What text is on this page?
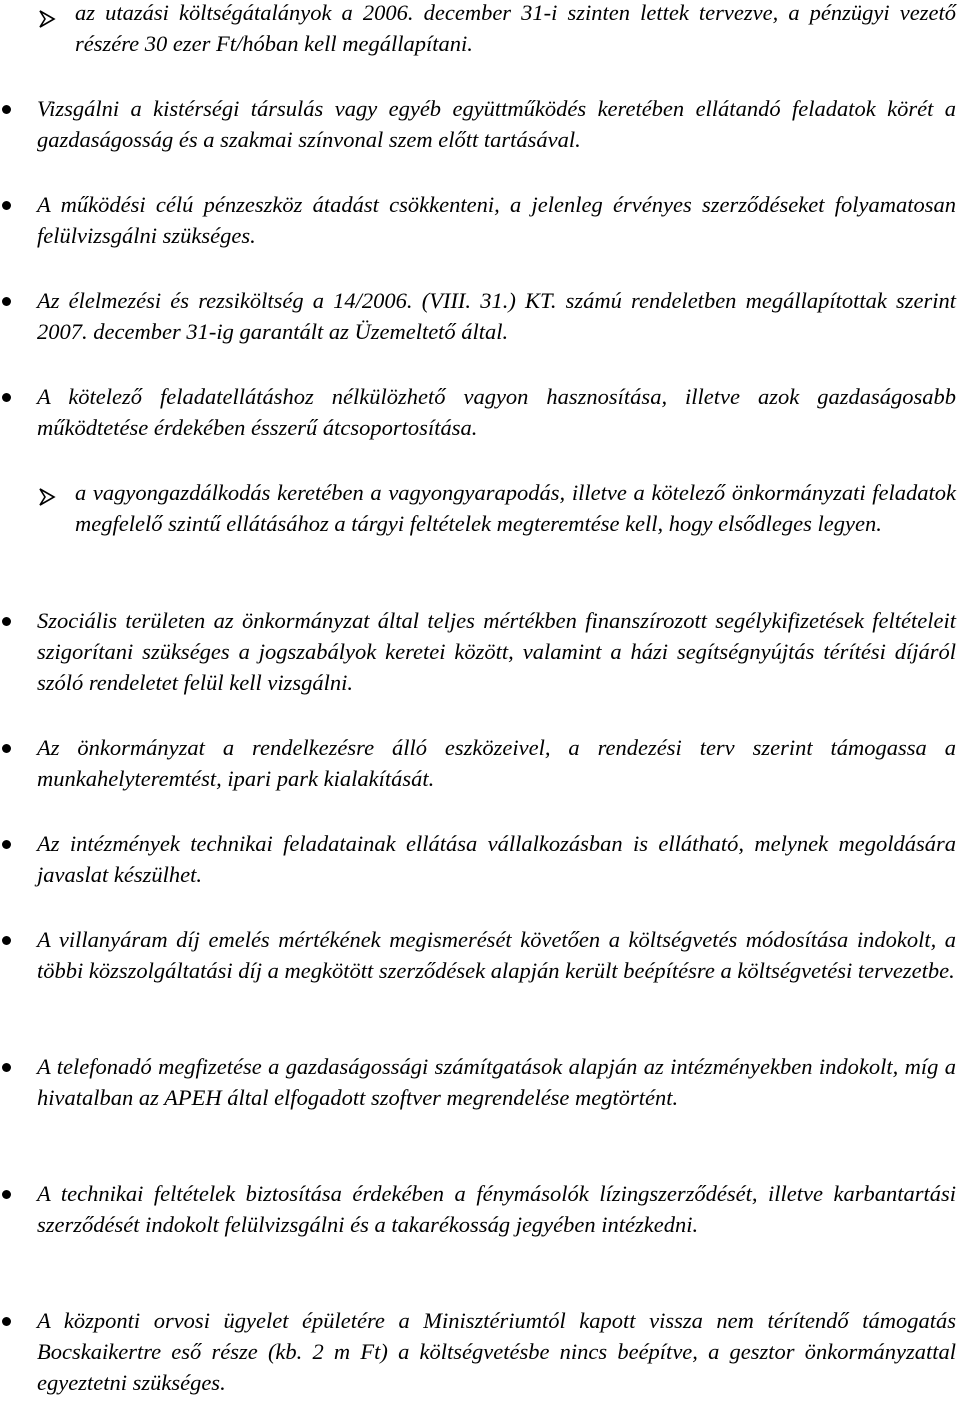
az utazási költségátalányok a 2006. december 31-i szinten lettek tervezve, a pénzügyi vezető részére 30 ezer Ft/hóban kell megállapítani.
Vizsgálni a kistérségi társulás vagy egyéb együttműködés keretében ellátandó feladatok körét a gazdaságosság és a szakmai színvonal szem előtt tartásával.
A működési célú pénzeszköz átadást csökkenteni, a jelenleg érvényes szerződéseket folyamatosan felülvizsgálni szükséges.
Az élelmezési és rezsiköltség a 14/2006. (VIII. 31.) KT. számú rendeletben megállapítottak szerint 2007. december 31-ig garantált az Üzemeltető által.
A kötelező feladatellátáshoz nélkülözhető vagyon hasznosítása, illetve azok gazdaságosabb működtetése érdekében ésszerű átcsoportosítása.
a vagyongazdálkodás keretében a vagyongyarapodás, illetve a kötelező önkormányzati feladatok megfelelő szintű ellátásához a tárgyi feltételek megteremtése kell, hogy elsődleges legyen.
Szociális területen az önkormányzat által teljes mértékben finanszírozott segélykifizetések feltételeit szigorítani szükséges a jogszabályok keretei között, valamint a házi segítségnyújtás térítési díjáról szóló rendeletet felül kell vizsgálni.
Az önkormányzat a rendelkezésre álló eszközeivel, a rendezési terv szerint támogassa a munkahelyteremtést, ipari park kialakítását.
Az intézmények technikai feladatainak ellátása vállalkozásban is ellátható, melynek megoldására javaslat készülhet.
A villanyáram díj emelés mértékének megismerését követően a költségvetés módosítása indokolt, a többi közszolgáltatási díj a megkötött szerződések alapján került beépítésre a költségvetési tervezetbe.
A telefonadó megfizetése a gazdaságossági számítgatások alapján az intézményekben indokolt, míg a hivatalban az APEH által elfogadott szoftver megrendelése megtörtént.
A technikai feltételek biztosítása érdekében a fénymásolók lízingszerződését, illetve karbantartási szerződését indokolt felülvizsgálni és a takarékosság jegyében intézkedni.
A központi orvosi ügyelet épületére a Minisztériumtól kapott vissza nem térítendő támogatás Bocskaikertre eső része (kb. 2 m Ft) a költségvetésbe nincs beépítve, a gesztor önkormányzattal egyeztetni szükséges.
